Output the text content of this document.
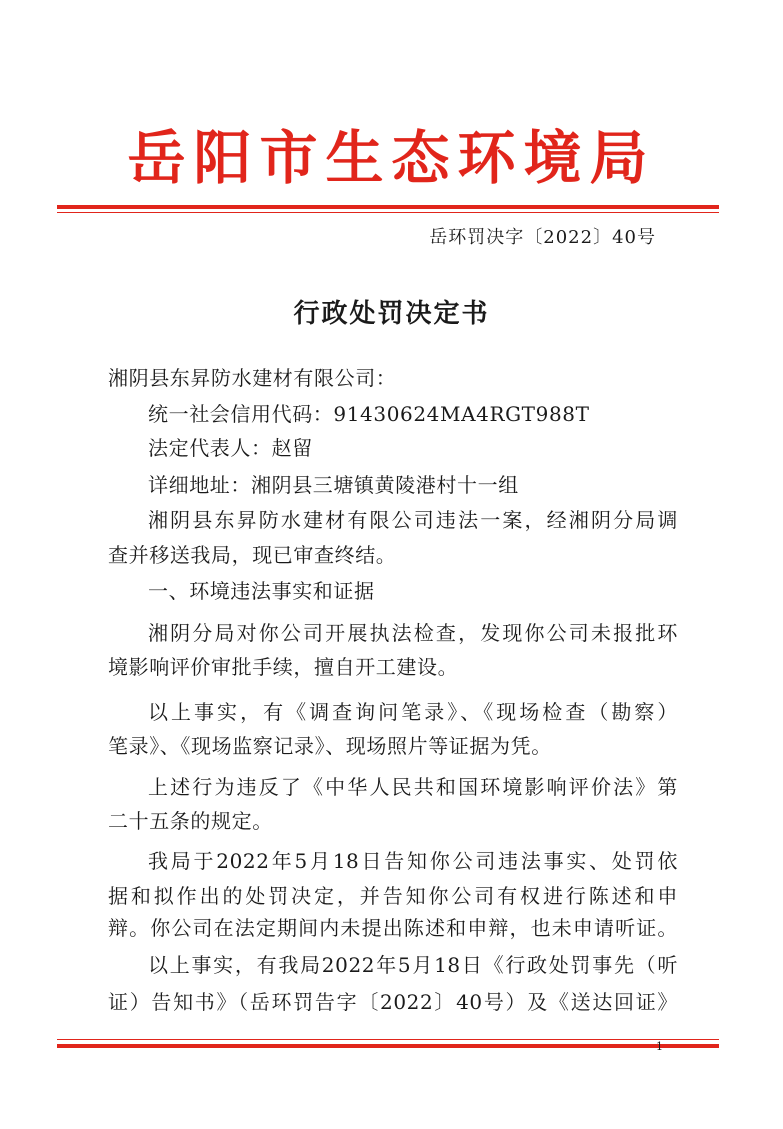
岳阳市生态环境局
岳环罚决字〔2022〕40号
行政处罚决定书
湘阴县东昇防水建材有限公司：
统一社会信用代码：91430624MA4RGT988T
法定代表人：赵留
详细地址：湘阴县三塘镇黄陵港村十一组
湘阴县东昇防水建材有限公司违法一案，经湘阴分局调
查并移送我局，现已审查终结。
一、环境违法事实和证据
湘阴分局对你公司开展执法检查，发现你公司未报批环
境影响评价审批手续，擅自开工建设。
以上事实，有《调查询问笔录》、《现场检查（勘察）
笔录》、《现场监察记录》、现场照片等证据为凭。
上述行为违反了《中华人民共和国环境影响评价法》第
二十五条的规定。
我局于2022年5月18日告知你公司违法事实、处罚依
据和拟作出的处罚决定，并告知你公司有权进行陈述和申
辩。你公司在法定期间内未提出陈述和申辩，也未申请听证。
以上事实，有我局2022年5月18日《行政处罚事先（听
证）告知书》（岳环罚告字〔2022〕40号）及《送达回证》
1
